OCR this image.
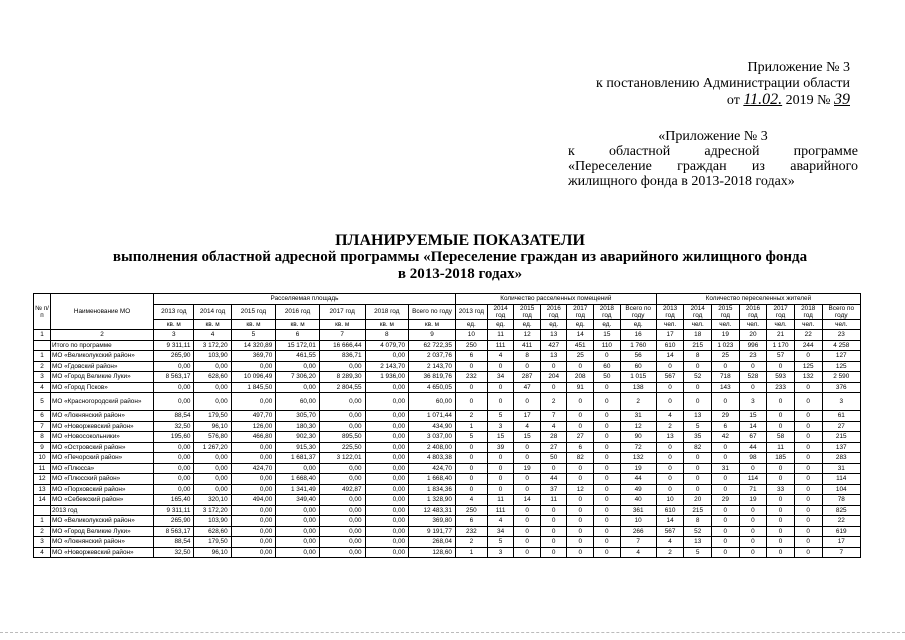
Приложение № 3
к постановлению Администрации области
от 11.02. 2019 № 39
«Приложение № 3
к областной адресной программе
«Переселение граждан из аварийного
жилищного фонда в 2013-2018 годах»
ПЛАНИРУЕМЫЕ ПОКАЗАТЕЛИ
выполнения областной адресной программы «Переселение граждан из аварийного жилищного фонда
в 2013-2018 годах»
№ п/п	Наименование МО	Расселяемая площадь							Количество расселенных помещений							Количество переселенных жителей						
		2013 год	2014 год	2015 год	2016 год	2017 год	2018 год	Всего по году	2013 год	2014 год	2015 год	2016 год	2017 год	2018 год	Всего по году	2013 год	2014 год	2015 год	2016 год	2017 год	2018 год	Всего по году
		кв. м	кв. м	кв. м	кв. м	кв. м	кв. м	кв. м	ед.	ед.	ед.	ед.	ед.	ед.	ед.	чел.	чел.	чел.	чел.	чел.	чел.	чел.
1	2	3	4	5	6	7	8	9	10	11	12	13	14	15	16	17	18	19	20	21	22	23
	Итого по программе	9 311,11	3 172,20	14 320,89	15 172,01	16 666,44	4 079,70	62 722,35	250	111	411	427	451	110	1 760	610	215	1 023	996	1 170	244	4 258
1	МО «Великолукский район»	265,90	103,90	369,70	461,55	836,71	0,00	2 037,76	6	4	8	13	25	0	56	14	8	25	23	57	0	127
2	МО «Гдовский район»	0,00	0,00	0,00	0,00	0,00	2 143,70	2 143,70	0	0	0	0	0	60	60	0	0	0	0	0	125	125
3	МО «Город Великие Луки»	8 563,17	628,60	10 096,49	7 306,20	8 289,30	1 936,00	36 819,76	232	34	287	204	208	50	1 015	567	52	718	528	593	132	2 590
4	МО «Город Псков»	0,00	0,00	1 845,50	0,00	2 804,55	0,00	4 650,05	0	0	47	0	91	0	138	0	0	143	0	233	0	376
5	МО «Красногородский район»	0,00	0,00	0,00	60,00	0,00	0,00	60,00	0	0	0	2	0	0	2	0	0	0	3	0	0	3
6	МО «Локнянский район»	88,54	179,50	497,70	305,70	0,00	0,00	1 071,44	2	5	17	7	0	0	31	4	13	29	15	0	0	61
7	МО «Новоржевский район»	32,50	96,10	126,00	180,30	0,00	0,00	434,90	1	3	4	4	0	0	12	2	5	6	14	0	0	27
8	МО «Новосокольники»	195,60	576,80	466,80	902,30	895,50	0,00	3 037,00	5	15	15	28	27	0	90	13	35	42	67	58	0	215
9	МО «Островский район»	0,00	1 267,20	0,00	915,30	225,50	0,00	2 408,00	0	39	0	27	6	0	72	0	82	0	44	11	0	137
10	МО «Печорский район»	0,00	0,00	0,00	1 681,37	3 122,01	0,00	4 803,38	0	0	0	50	82	0	132	0	0	0	98	185	0	283
11	МО «Плюсса»	0,00	0,00	424,70	0,00	0,00	0,00	424,70	0	0	19	0	0	0	19	0	0	31	0	0	0	31
12	МО «Плюсский район»	0,00	0,00	0,00	1 668,40	0,00	0,00	1 668,40	0	0	0	44	0	0	44	0	0	0	114	0	0	114
13	МО «Порховский район»	0,00	0,00	0,00	1 341,49	492,87	0,00	1 834,36	0	0	0	37	12	0	49	0	0	0	71	33	0	104
14	МО «Себежский район»	165,40	320,10	494,00	349,40	0,00	0,00	1 328,90	4	11	14	11	0	0	40	10	20	29	19	0	0	78
	2013 год	9 311,11	3 172,20	0,00	0,00	0,00	0,00	12 483,31	250	111	0	0	0	0	361	610	215	0	0	0	0	825
1	МО «Великолукский район»	265,90	103,90	0,00	0,00	0,00	0,00	369,80	6	4	0	0	0	0	10	14	8	0	0	0	0	22
2	МО «Город Великие Луки»	8 563,17	628,60	0,00	0,00	0,00	0,00	9 191,77	232	34	0	0	0	0	266	567	52	0	0	0	0	619
3	МО «Локнянский район»	88,54	179,50	0,00	0,00	0,00	0,00	268,04	2	5	0	0	0	0	7	4	13	0	0	0	0	17
4	МО «Новоржевский район»	32,50	96,10	0,00	0,00	0,00	0,00	128,60	1	3	0	0	0	0	4	2	5	0	0	0	0	7
